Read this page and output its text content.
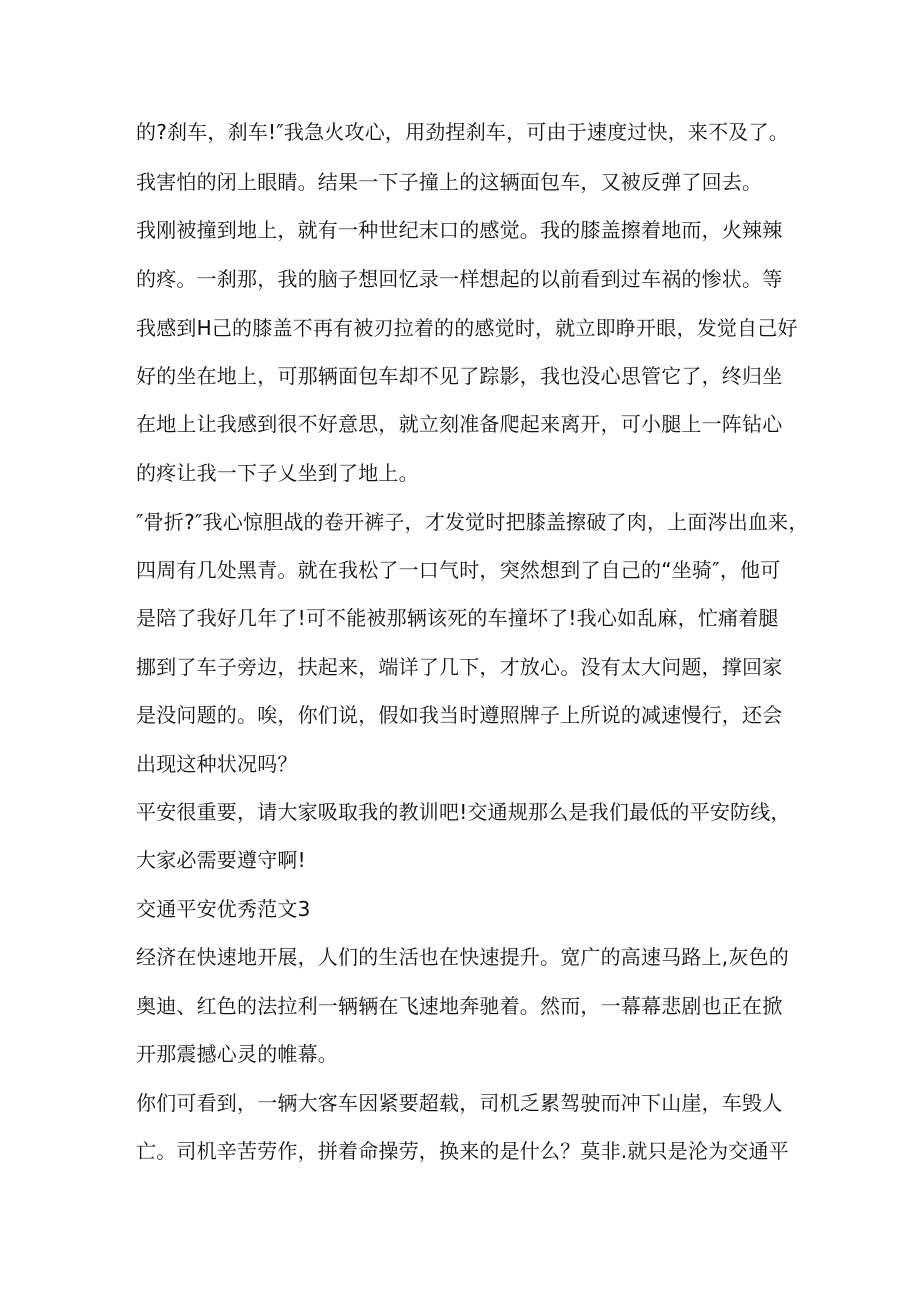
的?刹车，刹车!″我急火攻心，用劲捏刹车，可由于速度过快，来不及了。
我害怕的闭上眼睛。结果一下子撞上的这辆面包车，又被反弹了回去。
我刚被撞到地上，就有一种世纪末口的感觉。我的膝盖擦着地而，火辣辣
的疼。一刹那，我的脑子想回忆录一样想起的以前看到过车祸的惨状。等
我感到H己的膝盖不再有被刃拉着的的感觉时，就立即睁开眼，发觉自己好
好的坐在地上，可那辆面包车却不见了踪影，我也没心思管它了，终归坐
在地上让我感到很不好意思，就立刻准备爬起来离开，可小腿上一阵钻心
的疼让我一下子乂坐到了地上。
″骨折?″我心惊胆战的卷开裤子，才发觉时把膝盖擦破了肉，上面涔出血来，
四周有几处黑青。就在我松了一口气时，突然想到了自己的“坐骑″，他可
是陪了我好几年了!可不能被那辆该死的车撞坏了!我心如乱麻，忙痛着腿
挪到了车子旁边，扶起来，端详了几下，才放心。没有太大问题，撑回家
是没问题的。唉，你们说，假如我当时遵照牌子上所说的减速慢行，还会
出现这种状况吗？
平安很重要，请大家吸取我的教训吧!交通规那么是我们最低的平安防线，
大家必需要遵守啊!
交通平安优秀范文3
经济在快速地开展，人们的生活也在快速提升。宽广的高速马路上,灰色的
奥迪、红色的法拉利一辆辆在飞速地奔驰着。然而，一幕幕悲剧也正在掀
开那震撼心灵的帷幕。
你们可看到，一辆大客车因紧要超载，司机乏累驾驶而冲下山崖，车毁人
亡。司机辛苦劳作，拼着命操劳，换来的是什么？莫非.就只是沦为交通平
